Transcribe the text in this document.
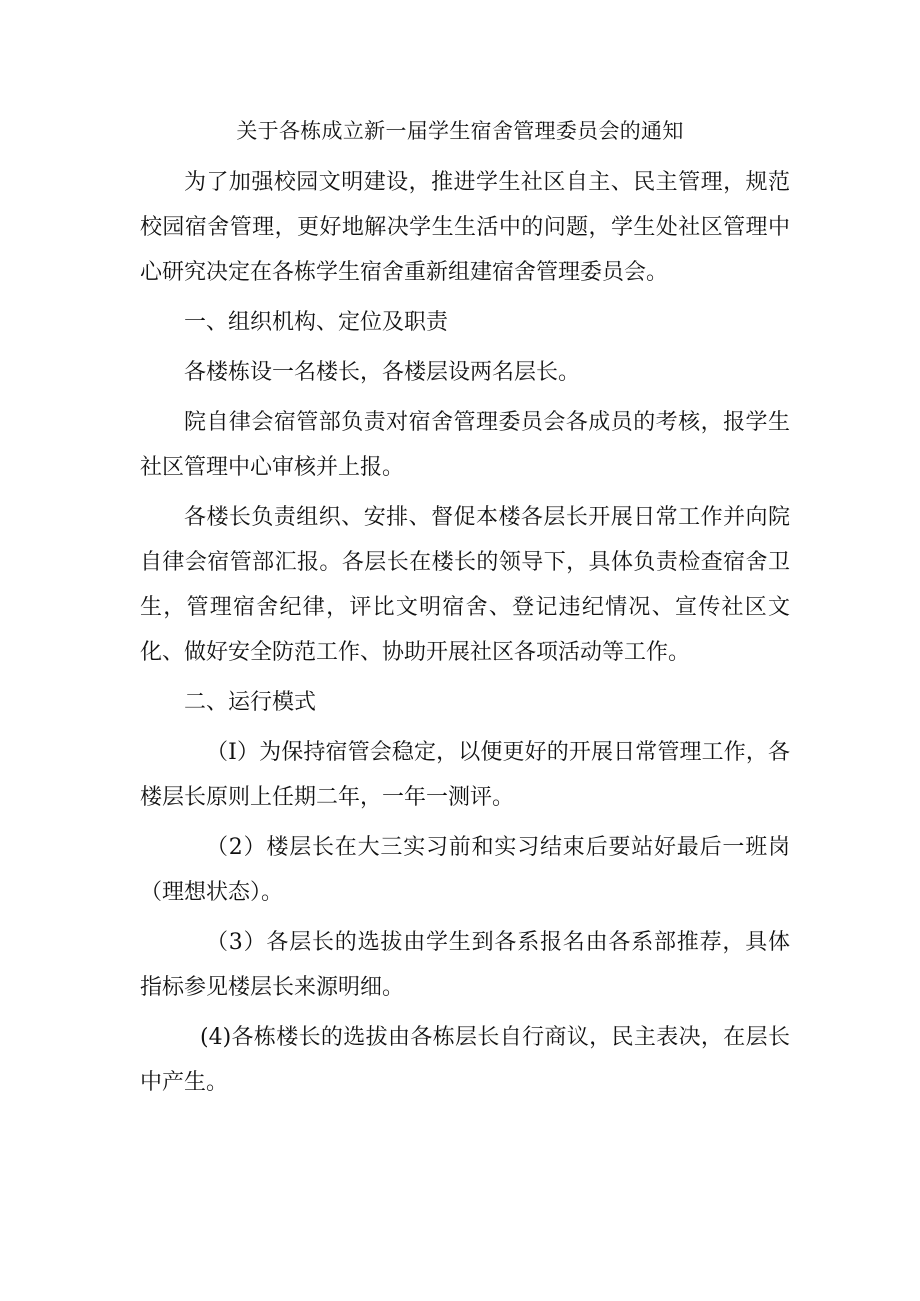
关于各栋成立新一届学生宿舍管理委员会的通知

为了加强校园文明建设，推进学生社区自主、民主管理，规范校园宿舍管理，更好地解决学生生活中的问题，学生处社区管理中心研究决定在各栋学生宿舍重新组建宿舍管理委员会。

一、组织机构、定位及职责

各楼栋设一名楼长，各楼层设两名层长。

院自律会宿管部负责对宿舍管理委员会各成员的考核，报学生社区管理中心审核并上报。

各楼长负责组织、安排、督促本楼各层长开展日常工作并向院自律会宿管部汇报。各层长在楼长的领导下，具体负责检查宿舍卫生，管理宿舍纪律，评比文明宿舍、登记违纪情况、宣传社区文化、做好安全防范工作、协助开展社区各项活动等工作。

二、运行模式

（I）为保持宿管会稳定，以便更好的开展日常管理工作，各楼层长原则上任期二年，一年一测评。

（2）楼层长在大三实习前和实习结束后要站好最后一班岗（理想状态）。

（3）各层长的选拔由学生到各系报名由各系部推荐，具体指标参见楼层长来源明细。

(4)各栋楼长的选拔由各栋层长自行商议，民主表决，在层长中产生。
